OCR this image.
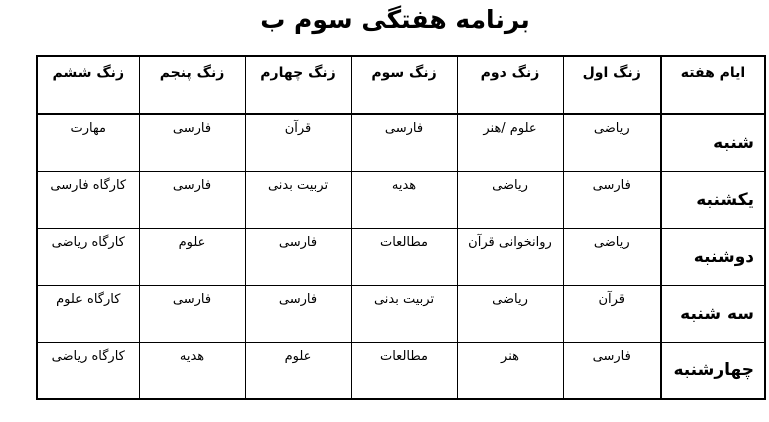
برنامه هفتگی سوم ب
ایام هفته	زنگ اول	زنگ دوم	زنگ سوم	زنگ چهارم	زنگ پنجم	زنگ ششم
شنبه	ریاضی	علوم /هنر	فارسی	قرآن	فارسی	مهارت
یکشنبه	فارسی	ریاضی	هدیه	تربیت بدنی	فارسی	کارگاه فارسی
دوشنبه	ریاضی	روانخوانی قرآن	مطالعات	فارسی	علوم	کارگاه ریاضی
سه شنبه	قرآن	ریاضی	تربیت بدنی	فارسی	فارسی	کارگاه علوم
چهارشنبه	فارسی	هنر	مطالعات	علوم	هدیه	کارگاه ریاضی
